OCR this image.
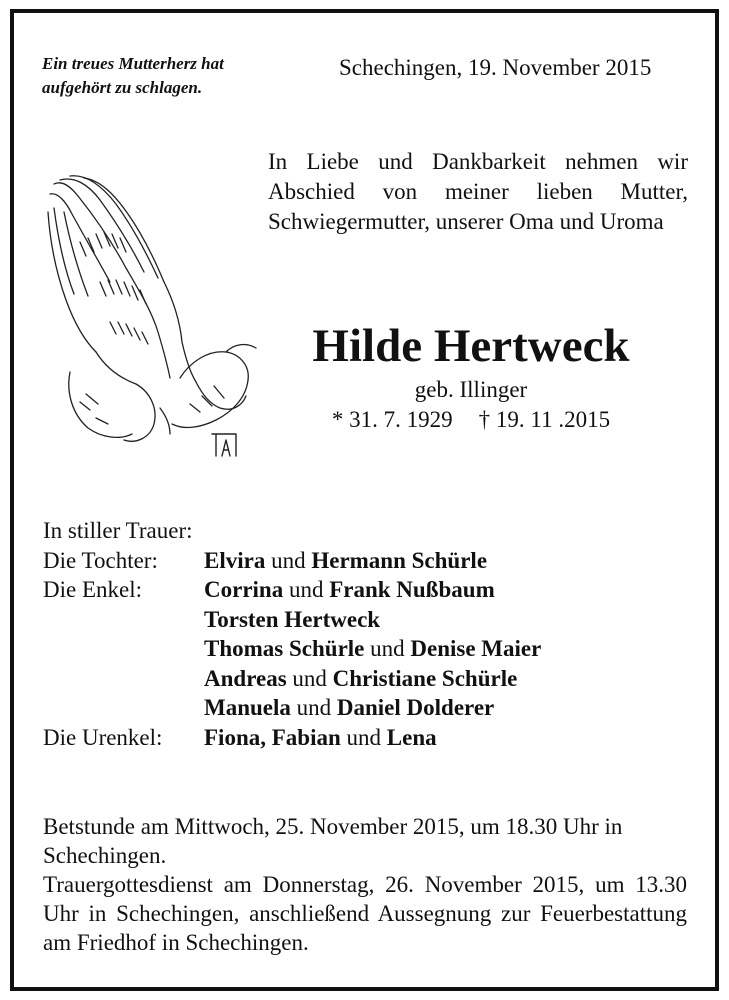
Ein treues Mutterherz hat
aufgehört zu schlagen.
Schechingen, 19. November 2015
In Liebe und Dankbarkeit nehmen wir Abschied von meiner lieben Mutter, Schwiegermutter, unserer Oma und Uroma
Hilde Hertweck
geb. Illinger
* 31. 7. 1929 † 19. 11 .2015
In stiller Trauer:
Die Tochter:	Elvira und Hermann Schürle
Die Enkel:	Corrina und Frank Nußbaum
Torsten Hertweck
Thomas Schürle und Denise Maier
Andreas und Christiane Schürle
Manuela und Daniel Dolderer
Die Urenkel:	Fiona, Fabian und Lena

Betstunde am Mittwoch, 25. November 2015, um 18.30 Uhr in Schechingen.

Trauergottesdienst am Donnerstag, 26. November 2015, um 13.30 Uhr in Schechingen, anschließend Aussegnung zur Feuerbestattung am Friedhof in Schechingen.
